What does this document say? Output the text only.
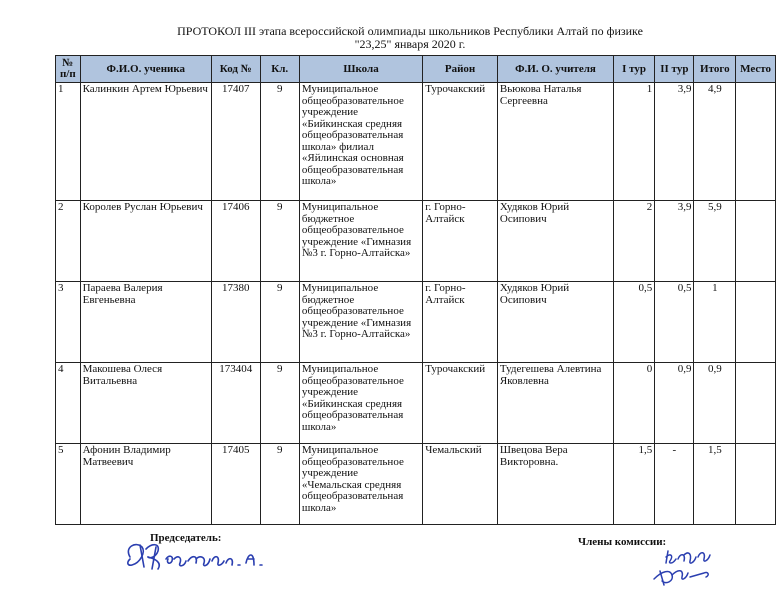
ПРОТОКОЛ III этапа всероссийской олимпиады школьников Республики Алтай по физике
"23,25" января 2020 г.
№ п/п	Ф.И.О. ученика	Код №	Кл.	Школа	Район	Ф.И. О. учителя	I тур	II тур	Итого	Место
1	Калинкин Артем Юрьевич	17407	9	Муниципальное общеобразовательное учреждение «Бийкинская средняя общеобразовательная школа» филиал «Яйлинская основная общеобразовательная школа»	Турочакский	Вьюкова Наталья Сергеевна	1	3,9	4,9	
2	Королев Руслан Юрьевич	17406	9	Муниципальное бюджетное общеобразовательное учреждение «Гимназия №3 г. Горно-Алтайска»	г. Горно-Алтайск	Худяков Юрий Осипович	2	3,9	5,9	
3	Параева Валерия Евгеньевна	17380	9	Муниципальное бюджетное общеобразовательное учреждение «Гимназия №3 г. Горно-Алтайска»	г. Горно-Алтайск	Худяков Юрий Осипович	0,5	0,5	1	
4	Макошева Олеся Витальевна	173404	9	Муниципальное общеобразовательное учреждение «Бийкинская средняя общеобразовательная школа»	Турочакский	Тудегешева Алевтина Яковлевна	0	0,9	0,9	
5	Афонин Владимир Матвеевич	17405	9	Муниципальное общеобразовательное учреждение «Чемальская средняя общеобразовательная школа»	Чемальский	Швецова Вера Викторовна.	1,5	-	1,5	
Председатель:	Члены комиссии:
